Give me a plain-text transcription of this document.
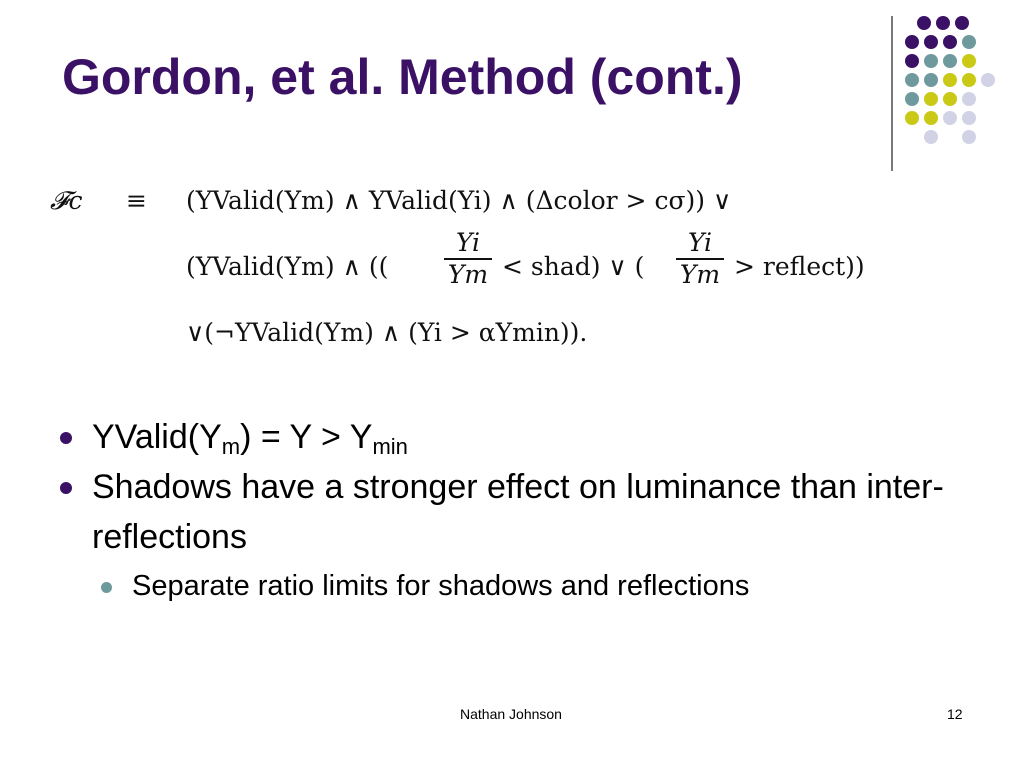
Gordon, et al. Method (cont.)
𝓕c ≡ (YValid(Ym) ∧ YValid(Yi) ∧ (Δcolor > cσ)) ∨
(YValid(Ym) ∧ ((
Yi
Ym < shad) ∨ (
Yi
Ym > reflect))
∨(¬YValid(Ym) ∧ (Yi > αYmin)).
$YValid(Y_m) = Y > Y_{min}$
Shadows have a stronger effect on luminance than inter-reflections
Separate ratio limits for shadows and reflections
Nathan Johnson	12
